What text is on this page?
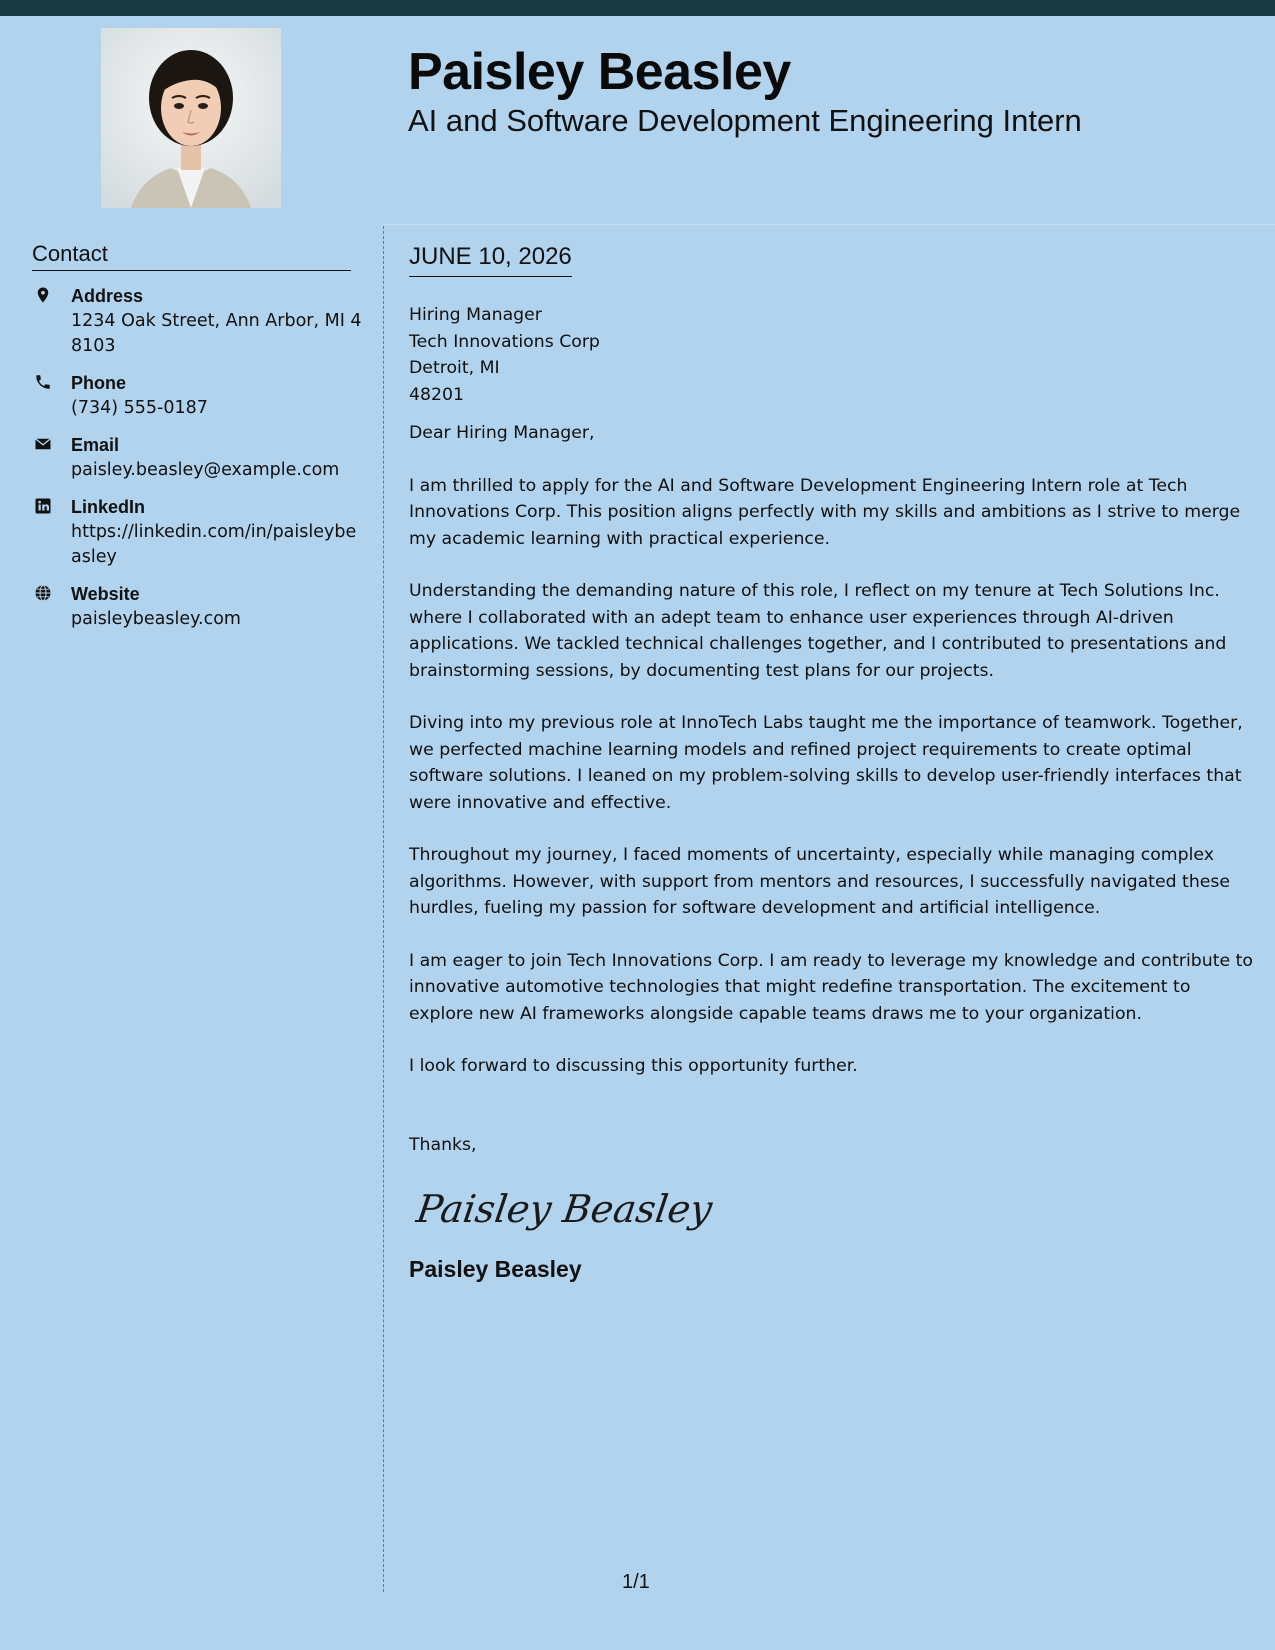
Paisley Beasley
AI and Software Development Engineering Intern
Contact
Address
1234 Oak Street, Ann Arbor, MI 48103
Phone
(734) 555-0187
Email
paisley.beasley@example.com
LinkedIn
https://linkedin.com/in/paisleybeasley
Website
paisleybeasley.com
JUNE 10, 2026
Hiring Manager
Tech Innovations Corp
Detroit, MI
48201
Dear Hiring Manager,

I am thrilled to apply for the AI and Software Development Engineering Intern role at Tech Innovations Corp. This position aligns perfectly with my skills and ambitions as I strive to merge my academic learning with practical experience.

Understanding the demanding nature of this role, I reflect on my tenure at Tech Solutions Inc. where I collaborated with an adept team to enhance user experiences through AI-driven applications. We tackled technical challenges together, and I contributed to presentations and brainstorming sessions, by documenting test plans for our projects.

Diving into my previous role at InnoTech Labs taught me the importance of teamwork. Together, we perfected machine learning models and refined project requirements to create optimal software solutions. I leaned on my problem-solving skills to develop user-friendly interfaces that were innovative and effective.

Throughout my journey, I faced moments of uncertainty, especially while managing complex algorithms. However, with support from mentors and resources, I successfully navigated these hurdles, fueling my passion for software development and artificial intelligence.

I am eager to join Tech Innovations Corp. I am ready to leverage my knowledge and contribute to innovative automotive technologies that might redefine transportation. The excitement to explore new AI frameworks alongside capable teams draws me to your organization.

I look forward to discussing this opportunity further.

Thanks,
Paisley Beasley
Paisley Beasley
1/1
